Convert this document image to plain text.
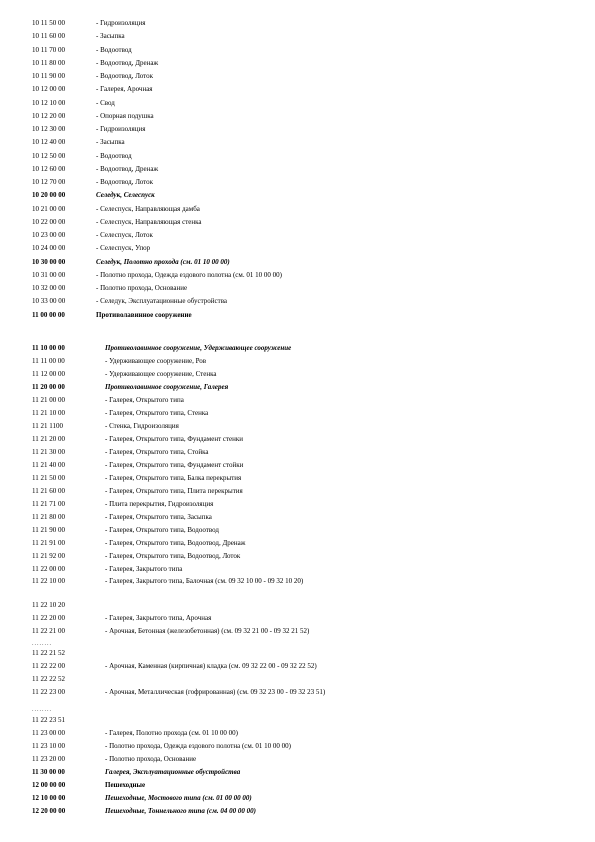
10 11 50 00	- Гидроизоляция
10 11 60 00	- Засыпка
10 11 70 00	- Водоотвод
10 11 80 00	- Водоотвод, Дренаж
10 11 90 00	- Водоотвод, Лоток
10 12 00 00	- Галерея, Арочная
10 12 10 00	- Свод
10 12 20 00	- Опорная подушка
10 12 30 00	- Гидроизоляция
10 12 40 00	- Засыпка
10 12 50 00	- Водоотвод
10 12 60 00	- Водоотвод, Дренаж
10 12 70 00	- Водоотвод, Лоток
10 20 00 00	Селедук, Селеспуск
10 21 00 00	- Селеспуск, Направляющая дамба
10 22 00 00	- Селеспуск, Направляющая стенка
10 23 00 00	- Селеспуск, Лоток
10 24 00 00	- Селеспуск, Упор
10 30 00 00	Селедук, Полотно прохода (см. 01 10 00 00)
10 31 00 00	- Полотно прохода, Одежда ездового полотна (см. 01 10 00 00)
10 32 00 00	- Полотно прохода, Основание
10 33 00 00	- Селедук, Эксплуатационные обустройства
11 00 00 00	Противолавинное сооружение
11 10 00 00	Противолавинное сооружение, Удерживающее сооружение
11 11 00 00	- Удерживающее сооружение, Ров
11 12 00 00	- Удерживающее сооружение, Стенка
11 20 00 00	Противолавинное сооружение, Галерея
11 21 00 00	- Галерея, Открытого типа
11 21 10 00	- Галерея, Открытого типа, Стенка
11 21 1100	- Стенка, Гидроизоляция
11 21 20 00	- Галерея, Открытого типа, Фундамент стенки
11 21 30 00	- Галерея, Открытого типа, Стойка
11 21 40 00	- Галерея, Открытого типа, Фундамент стойки
11 21 50 00	- Галерея, Открытого типа, Балка перекрытия
11 21 60 00	- Галерея, Открытого типа, Плита перекрытия
11 21 71 00	- Плита перекрытия, Гидроизоляция
11 21 80 00	- Галерея, Открытого типа, Засыпка
11 21 90 00	- Галерея, Открытого типа, Водоотвод
11 21 91 00	- Галерея, Открытого типа, Водоотвод, Дренаж
11 21 92 00	- Галерея, Открытого типа, Водоотвод, Лоток
11 22 00 00	- Галерея, Закрытого типа
11 22 10 00	- Галерея, Закрытого типа, Балочная (см. 09 32 10 00 - 09 32 10 20)
11 22 10 20
11 22 20 00	- Галерея, Закрытого типа, Арочная
11 22 21 00	- Арочная, Бетонная (железобетонная) (см. 09 32 21 00 - 09 32 21 52)
11 22 21 52
11 22 22 00	- Арочная, Каменная (кирпичная) кладка (см. 09 32 22 00 - 09 32 22 52)
11 22 22 52
11 22 23 00	- Арочная, Металлическая (гофрированная) (см. 09 32 23 00 - 09 32 23 51)
11 22 23 51
11 23 00 00	- Галерея, Полотно прохода (см. 01 10 00 00)
11 23 10 00	- Полотно прохода, Одежда ездового полотна (см. 01 10 00 00)
11 23 20 00	- Полотно прохода, Основание
11 30 00 00	Галерея, Эксплуатационные обустройства
12 00 00 00	Пешеходные
12 10 00 00	Пешеходные, Мостового типа (см. 01 00 00 00)
12 20 00 00	Пешеходные, Тоннельного типа (см. 04 00 00 00)
........
........
